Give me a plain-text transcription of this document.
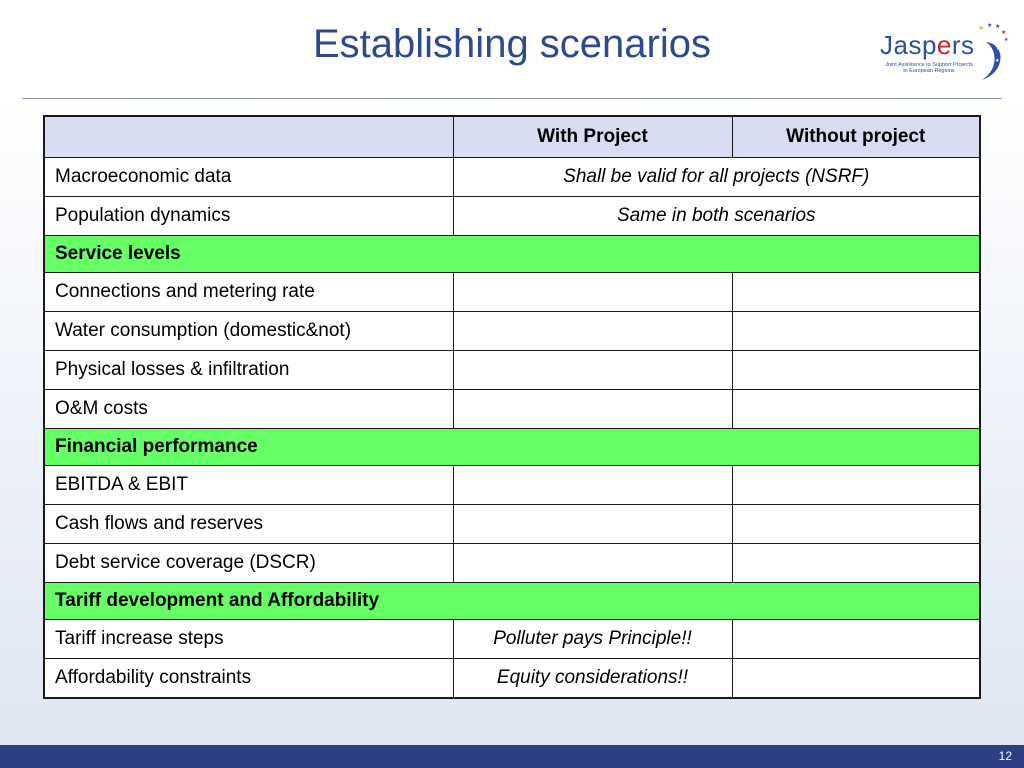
Establishing scenarios	Jaspers
Joint Assistance to Support Projects in European Regions
★ ★ ★
★
★
★
★
	With Project	Without project
Macroeconomic data	Shall be valid for all projects (NSRF)	
Population dynamics	Same in both scenarios	
Service levels		
Connections and metering rate		
Water consumption (domestic&not)		
Physical losses & infiltration		
O&M costs		
Financial performance		
EBITDA & EBIT		
Cash flows and reserves		
Debt service coverage (DSCR)		
Tariff development and Affordability		
Tariff increase steps	Polluter pays Principle!!	
Affordability constraints	Equity considerations!!	
12
